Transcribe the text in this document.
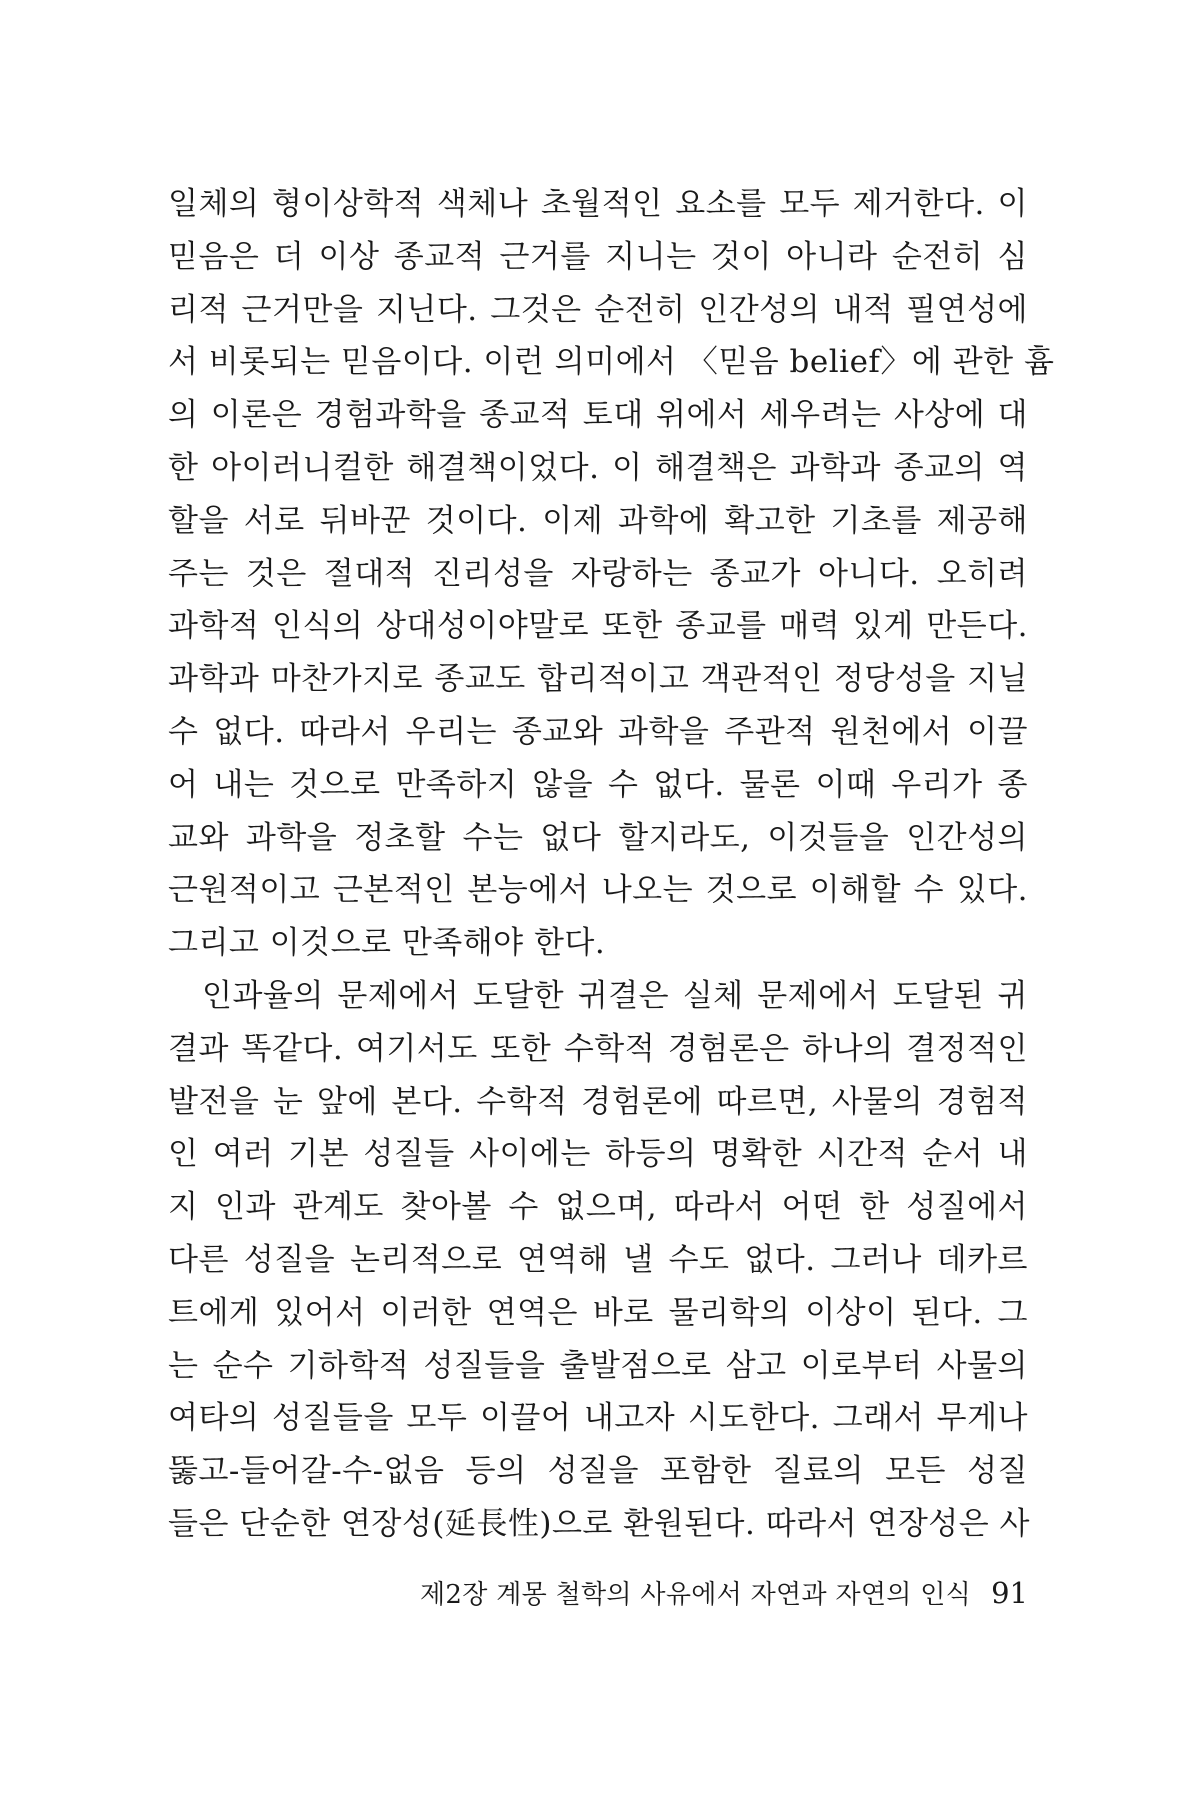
일체의 형이상학적 색체나 초월적인 요소를 모두 제거한다. 이
믿음은 더 이상 종교적 근거를 지니는 것이 아니라 순전히 심
리적 근거만을 지닌다. 그것은 순전히 인간성의 내적 필연성에
서 비롯되는 믿음이다. 이런 의미에서 〈믿음 belief〉에 관한 흄
의 이론은 경험과학을 종교적 토대 위에서 세우려는 사상에 대
한 아이러니컬한 해결책이었다. 이 해결책은 과학과 종교의 역
할을 서로 뒤바꾼 것이다. 이제 과학에 확고한 기초를 제공해
주는 것은 절대적 진리성을 자랑하는 종교가 아니다. 오히려
과학적 인식의 상대성이야말로 또한 종교를 매력 있게 만든다.
과학과 마찬가지로 종교도 합리적이고 객관적인 정당성을 지닐
수 없다. 따라서 우리는 종교와 과학을 주관적 원천에서 이끌
어 내는 것으로 만족하지 않을 수 없다. 물론 이때 우리가 종
교와 과학을 정초할 수는 없다 할지라도, 이것들을 인간성의
근원적이고 근본적인 본능에서 나오는 것으로 이해할 수 있다.
그리고 이것으로 만족해야 한다.
인과율의 문제에서 도달한 귀결은 실체 문제에서 도달된 귀
결과 똑같다. 여기서도 또한 수학적 경험론은 하나의 결정적인
발전을 눈 앞에 본다. 수학적 경험론에 따르면, 사물의 경험적
인 여러 기본 성질들 사이에는 하등의 명확한 시간적 순서 내
지 인과 관계도 찾아볼 수 없으며, 따라서 어떤 한 성질에서
다른 성질을 논리적으로 연역해 낼 수도 없다. 그러나 데카르
트에게 있어서 이러한 연역은 바로 물리학의 이상이 된다. 그
는 순수 기하학적 성질들을 출발점으로 삼고 이로부터 사물의
여타의 성질들을 모두 이끌어 내고자 시도한다. 그래서 무게나
뚫고-들어갈-수-없음 등의 성질을 포함한 질료의 모든 성질
들은 단순한 연장성(延長性)으로 환원된다. 따라서 연장성은 사
제2장 계몽 철학의 사유에서 자연과 자연의 인식 91
